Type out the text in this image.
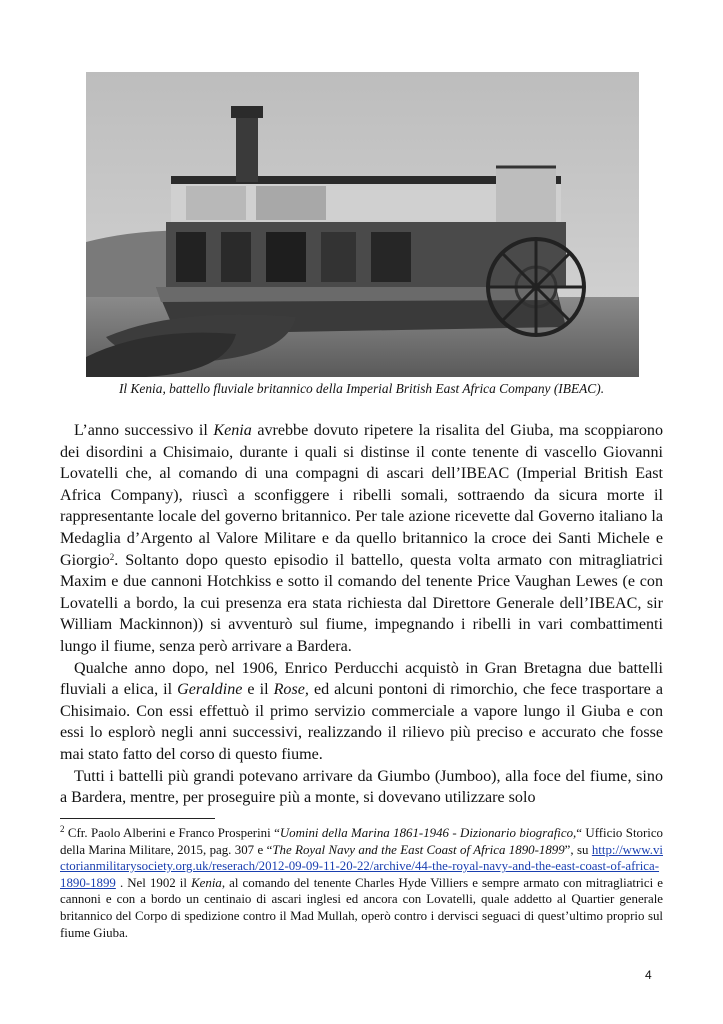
Il Kenia, battello fluviale britannico della Imperial British East Africa Company (IBEAC).

L’anno successivo il Kenia avrebbe dovuto ripetere la risalita del Giuba, ma scoppiarono dei disordini a Chisimaio, durante i quali si distinse il conte tenente di vascello Giovanni Lovatelli che, al comando di una compagni di ascari dell’IBEAC (Imperial British East Africa Company), riuscì a sconfiggere i ribelli somali, sottraendo da sicura morte il rappresentante locale del governo britannico. Per tale azione ricevette dal Governo italiano la Medaglia d’Argento al Valore Militare e da quello britannico la croce dei Santi Michele e Giorgio$^2$. Soltanto dopo questo episodio il battello, questa volta armato con mitragliatrici Maxim e due cannoni Hotchkiss e sotto il comando del tenente Price Vaughan Lewes (e con Lovatelli a bordo, la cui presenza era stata richiesta dal Direttore Generale dell’IBEAC, sir William Mackinnon)) si avventurò sul fiume, impegnando i ribelli in vari combattimenti lungo il fiume, senza però arrivare a Bardera.

Qualche anno dopo, nel 1906, Enrico Perducchi acquistò in Gran Bretagna due battelli fluviali a elica, il Geraldine e il Rose, ed alcuni pontoni di rimorchio, che fece trasportare a Chisimaio. Con essi effettuò il primo servizio commerciale a vapore lungo il Giuba e con essi lo esplorò negli anni successivi, realizzando il rilievo più preciso e accurato che fosse mai stato fatto del corso di questo fiume.

Tutti i battelli più grandi potevano arrivare da Giumbo (Jumboo), alla foce del fiume, sino a Bardera, mentre, per proseguire più a monte, si dovevano utilizzare solo

$^2$ Cfr. Paolo Alberini e Franco Prosperini “Uomini della Marina 1861-1946 - Dizionario biografico,“ Ufficio Storico della Marina Militare, 2015, pag. 307 e “The Royal Navy and the East Coast of Africa 1890-1899”, su http://www.victorianmilitarysociety.org.uk/reserach/2012-09-09-11-20-22/archive/44-the-royal-navy-and-the-east-coast-of-africa-1890-1899 . Nel 1902 il Kenia, al comando del tenente Charles Hyde Villiers e sempre armato con mitragliatrici e cannoni e con a bordo un centinaio di ascari inglesi ed ancora con Lovatelli, quale addetto al Quartier generale britannico del Corpo di spedizione contro il Mad Mullah, operò contro i dervisci seguaci di quest’ultimo proprio sul fiume Giuba.
4
